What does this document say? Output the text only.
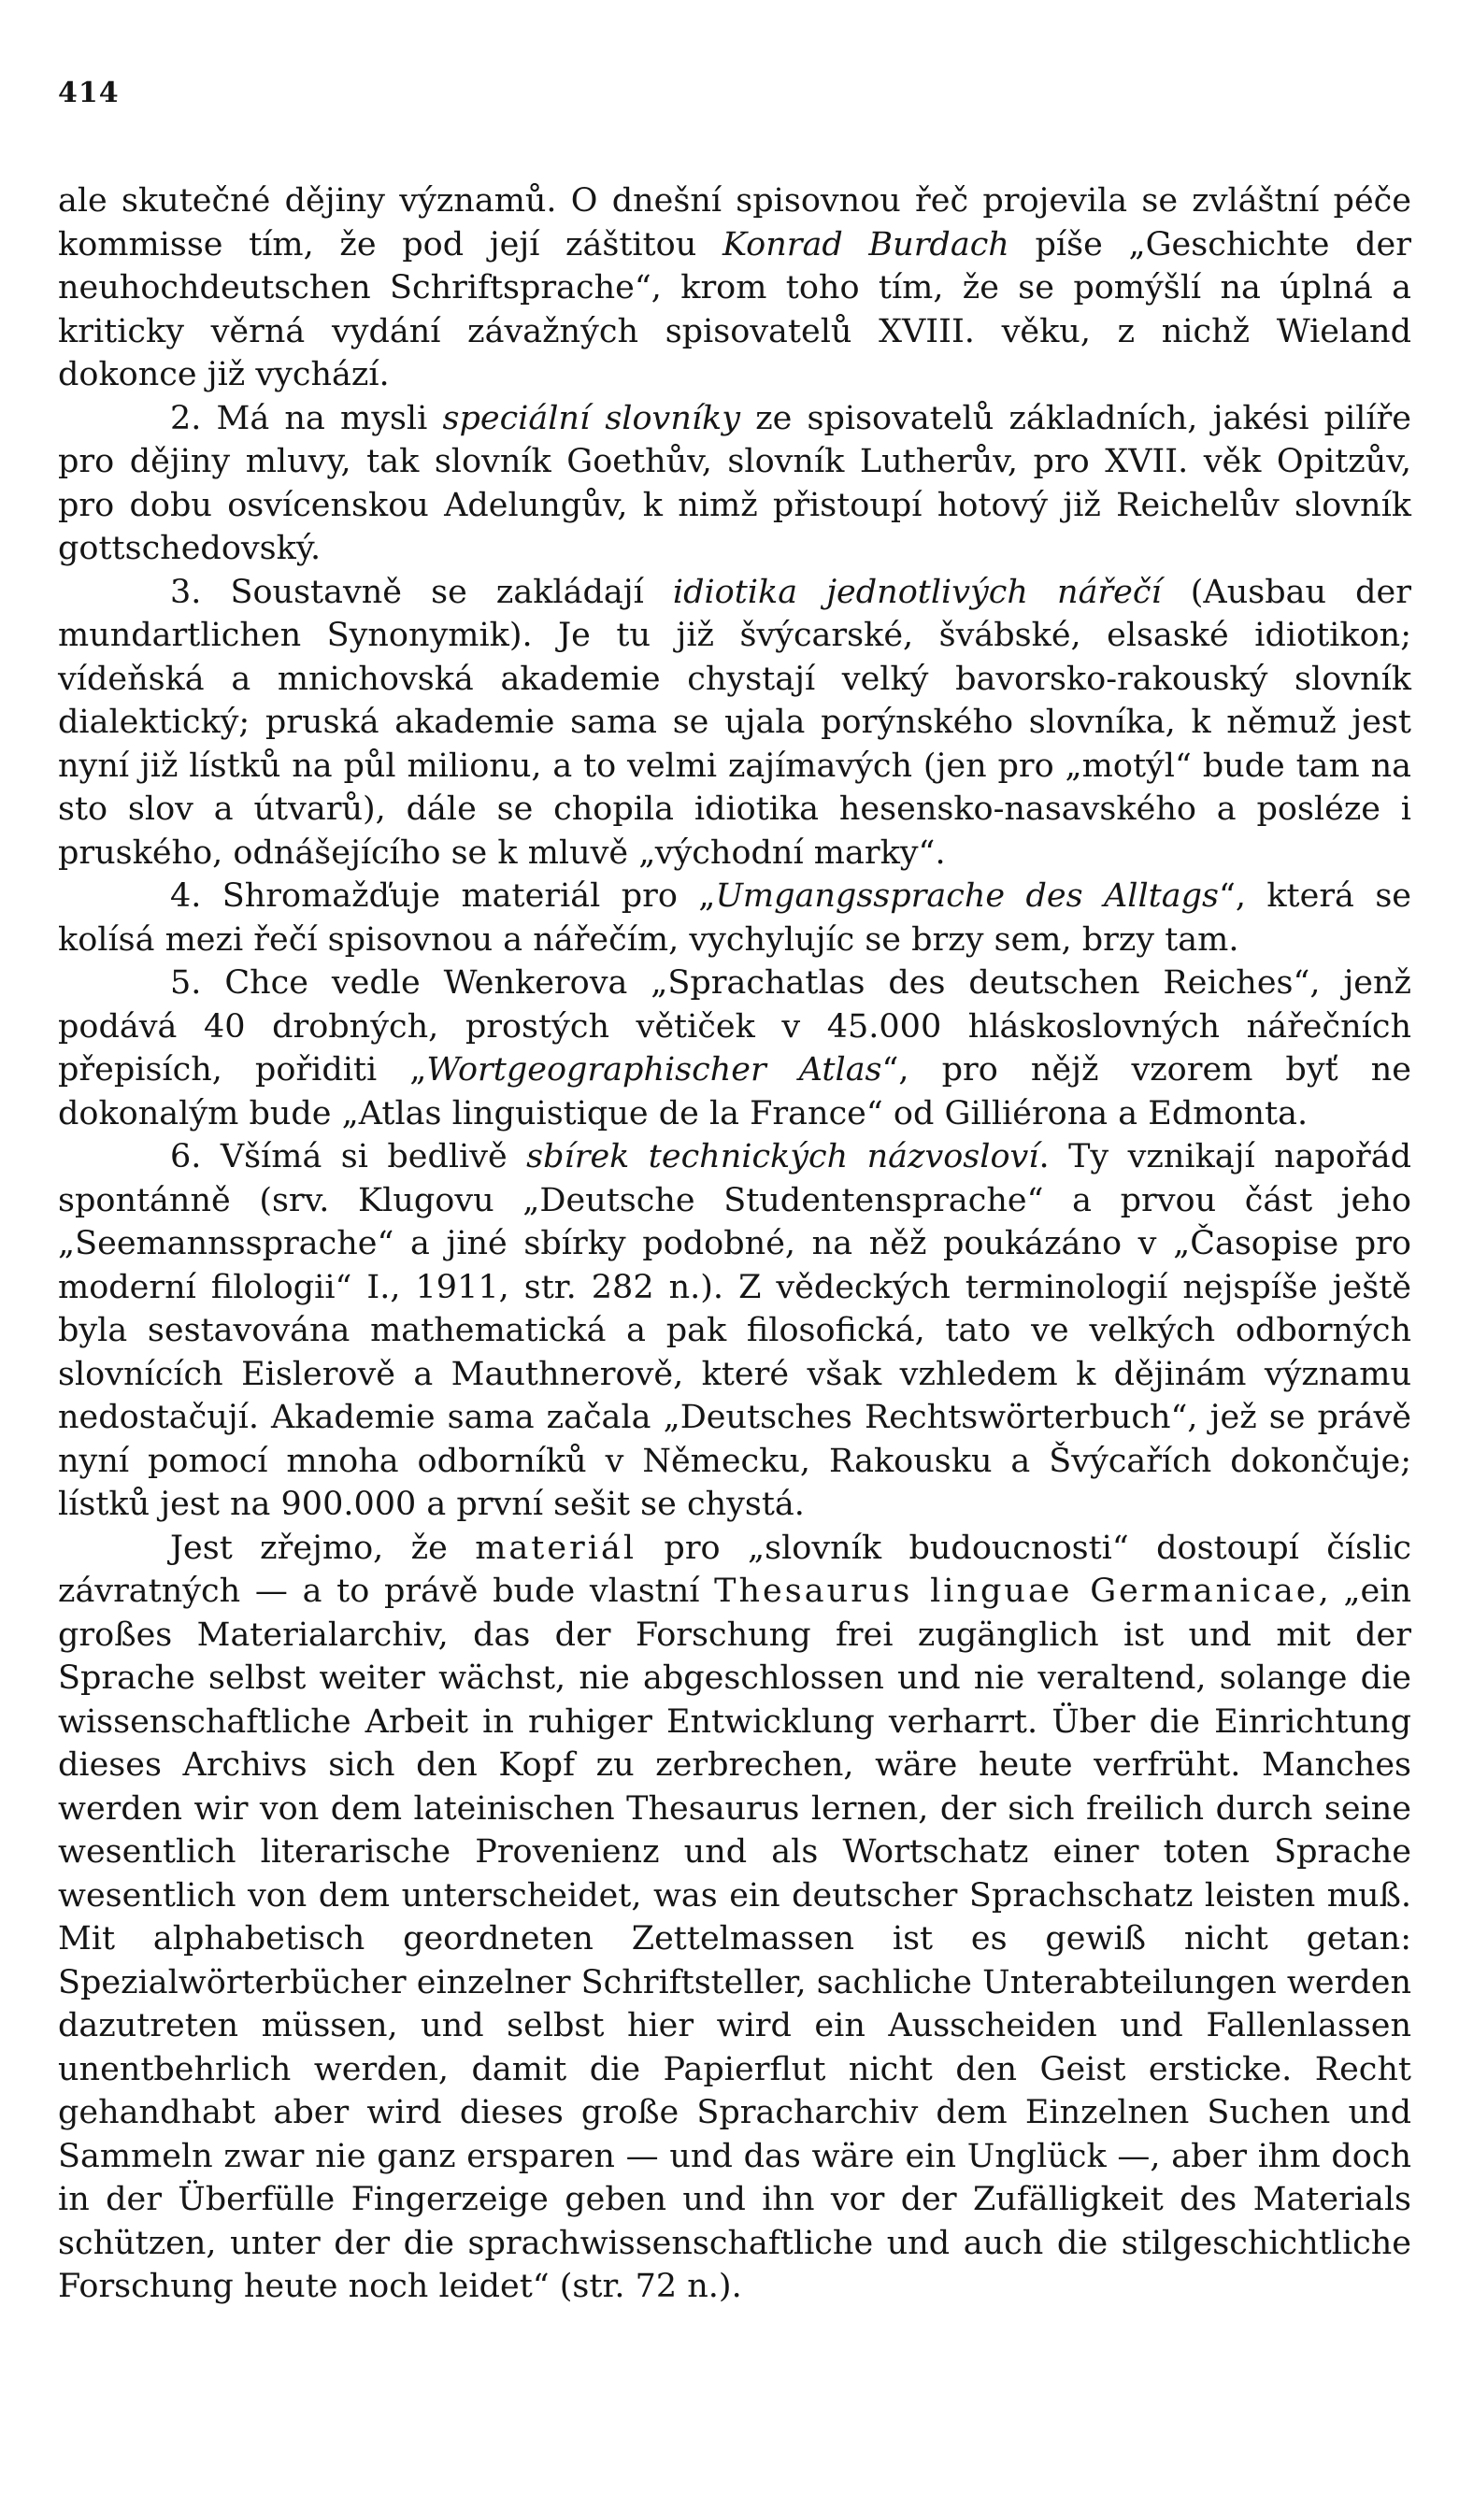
414

ale skutečné dějiny významů. O dnešní spisovnou řeč projevila se zvláštní péče kommisse tím, že pod její záštitou Konrad Burdach píše „Geschichte der neuhochdeutschen Schriftsprache“, krom toho tím, že se pomýšlí na úplná a kriticky věrná vydání závažných spisovatelů XVIII. věku, z nichž Wieland dokonce již vychází.

2. Má na mysli speciální slovníky ze spisovatelů základních, jakési pilíře pro dějiny mluvy, tak slovník Goethův, slovník Lutherův, pro XVII. věk Opitzův, pro dobu osvícenskou Adelungův, k nimž přistoupí hotový již Reichelův slovník gottschedovský.

3. Soustavně se zakládají idiotika jednotlivých nářečí (Ausbau der mundartlichen Synonymik). Je tu již švýcarské, švábské, elsaské idiotikon; vídeňská a mnichovská akademie chystají velký bavorsko-rakouský slovník dialektický; pruská akademie sama se ujala porýnského slovníka, k němuž jest nyní již lístků na půl milionu, a to velmi zajímavých (jen pro „motýl“ bude tam na sto slov a útvarů), dále se chopila idiotika hesensko-nasavského a posléze i pruského, odnášejícího se k mluvě „východní marky“.

4. Shromažďuje materiál pro „Umgangssprache des Alltags“, která se kolísá mezi řečí spisovnou a nářečím, vychylujíc se brzy sem, brzy tam.

5. Chce vedle Wenkerova „Sprachatlas des deutschen Reiches“, jenž podává 40 drobných, prostých větiček v 45.000 hláskoslovných nářečních přepisích, pořiditi „Wortgeographischer Atlas“, pro nějž vzorem byť ne dokonalým bude „Atlas linguistique de la France“ od Gilliérona a Edmonta.

6. Všímá si bedlivě sbírek technických názvosloví. Ty vznikají napořád spontánně (srv. Klugovu „Deutsche Studentensprache“ a prvou část jeho „Seemannssprache“ a jiné sbírky podobné, na něž poukázáno v „Časopise pro moderní filologii“ I., 1911, str. 282 n.). Z vědeckých terminologií nejspíše ještě byla sestavována mathematická a pak filosofická, tato ve velkých odborných slovnících Eislerově a Mauthnerově, které však vzhledem k dějinám významu nedostačují. Akademie sama začala „Deutsches Rechtswörterbuch“, jež se právě nyní pomocí mnoha odborníků v Německu, Rakousku a Švýcařích dokončuje; lístků jest na 900.000 a první sešit se chystá.

Jest zřejmo, že materiál pro „slovník budoucnosti“ dostoupí číslic závratných — a to právě bude vlastní Thesaurus linguae Germanicae, „ein großes Materialarchiv, das der Forschung frei zugänglich ist und mit der Sprache selbst weiter wächst, nie abgeschlossen und nie veraltend, solange die wissenschaftliche Arbeit in ruhiger Entwicklung verharrt. Über die Einrichtung dieses Archivs sich den Kopf zu zerbrechen, wäre heute verfrüht. Manches werden wir von dem lateinischen Thesaurus lernen, der sich freilich durch seine wesentlich literarische Provenienz und als Wortschatz einer toten Sprache wesentlich von dem unterscheidet, was ein deutscher Sprachschatz leisten muß. Mit alphabetisch geordneten Zettelmassen ist es gewiß nicht getan: Spezialwörterbücher einzelner Schriftsteller, sachliche Unterabteilungen werden dazutreten müssen, und selbst hier wird ein Ausscheiden und Fallenlassen unentbehrlich werden, damit die Papierflut nicht den Geist ersticke. Recht gehandhabt aber wird dieses große Spracharchiv dem Einzelnen Suchen und Sammeln zwar nie ganz ersparen — und das wäre ein Unglück —, aber ihm doch in der Überfülle Fingerzeige geben und ihn vor der Zufälligkeit des Materials schützen, unter der die sprachwissenschaftliche und auch die stilgeschichtliche Forschung heute noch leidet“ (str. 72 n.).
